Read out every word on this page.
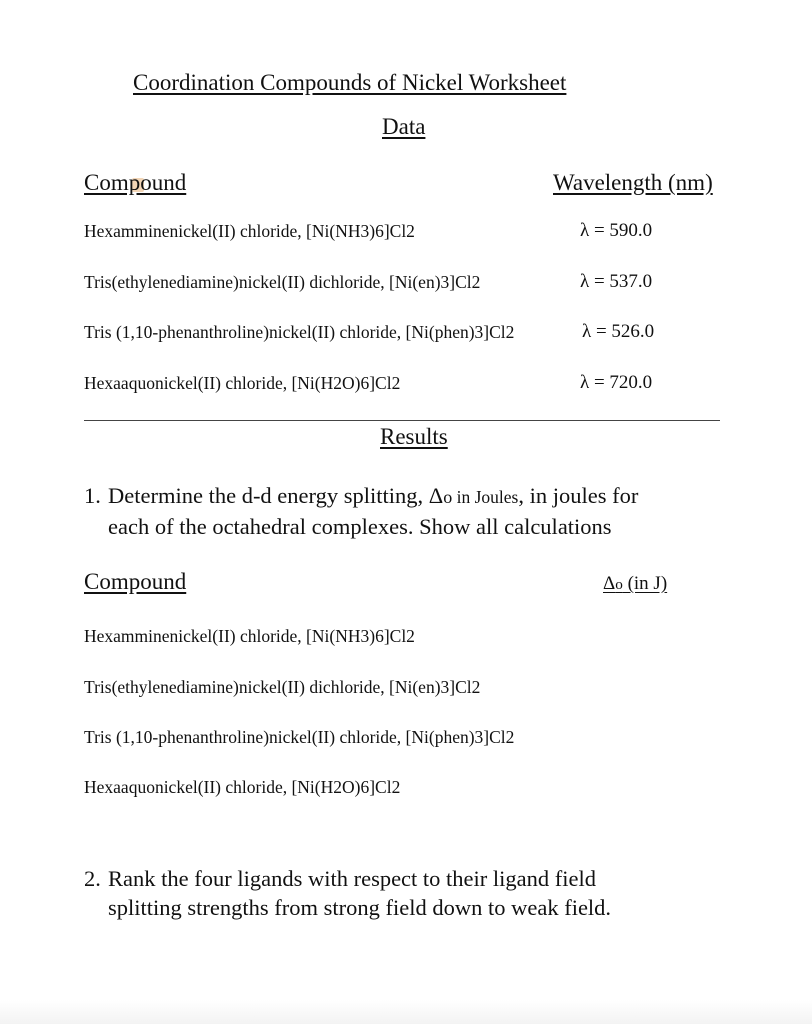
Coordination Compounds of Nickel Worksheet
Data
Compound	Wavelength (nm)
Hexamminenickel(II) chloride, [Ni(NH3)6]Cl2	λ = 590.0
Tris(ethylenediamine)nickel(II) dichloride, [Ni(en)3]Cl2	λ = 537.0
Tris (1,10-phenanthroline)nickel(II) chloride, [Ni(phen)3]Cl2	λ = 526.0
Hexaaquonickel(II) chloride, [Ni(H2O)6]Cl2	λ = 720.0
Results
1. Determine the d-d energy splitting, Δo in Joules, in joules for
each of the octahedral complexes. Show all calculations
Compound	Δo (in J)
Hexamminenickel(II) chloride, [Ni(NH3)6]Cl2
Tris(ethylenediamine)nickel(II) dichloride, [Ni(en)3]Cl2
Tris (1,10-phenanthroline)nickel(II) chloride, [Ni(phen)3]Cl2
Hexaaquonickel(II) chloride, [Ni(H2O)6]Cl2
2. Rank the four ligands with respect to their ligand field
splitting strengths from strong field down to weak field.
